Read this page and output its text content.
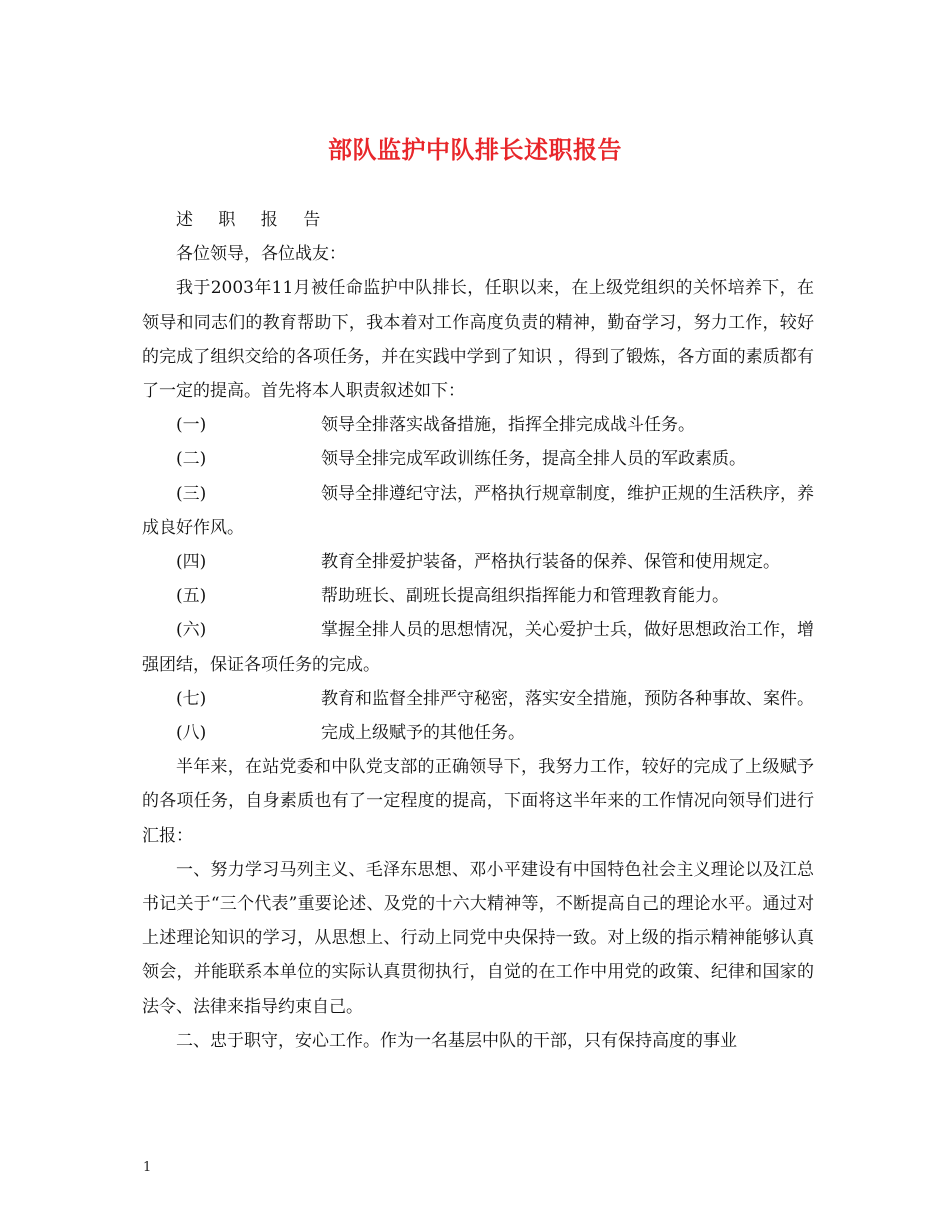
部队监护中队排长述职报告

述 职 报 告

各位领导，各位战友：

我于2003年11月被任命监护中队排长，任职以来，在上级党组织的关怀培养下，在领导和同志们的教育帮助下，我本着对工作高度负责的精神，勤奋学习，努力工作，较好的完成了组织交给的各项任务，并在实践中学到了知识 ，得到了锻炼，各方面的素质都有了一定的提高。首先将本人职责叙述如下：

(一)	领导全排落实战备措施，指挥全排完成战斗任务。

(二)	领导全排完成军政训练任务，提高全排人员的军政素质。

(三)	领导全排遵纪守法，严格执行规章制度，维护正规的生活秩序，养成良好作风。

(四)	教育全排爱护装备，严格执行装备的保养、保管和使用规定。

(五)	帮助班长、副班长提高组织指挥能力和管理教育能力。

(六)	掌握全排人员的思想情况，关心爱护士兵，做好思想政治工作，增强团结，保证各项任务的完成。

(七)	教育和监督全排严守秘密，落实安全措施，预防各种事故、案件。

(八)	完成上级赋予的其他任务。

半年来，在站党委和中队党支部的正确领导下，我努力工作，较好的完成了上级赋予的各项任务，自身素质也有了一定程度的提高，下面将这半年来的工作情况向领导们进行汇报：

一、努力学习马列主义、毛泽东思想、邓小平建设有中国特色社会主义理论以及江总书记关于“三个代表”重要论述、及党的十六大精神等，不断提高自己的理论水平。通过对上述理论知识的学习，从思想上、行动上同党中央保持一致。对上级的指示精神能够认真领会，并能联系本单位的实际认真贯彻执行，自觉的在工作中用党的政策、纪律和国家的法令、法律来指导约束自己。

二、忠于职守，安心工作。作为一名基层中队的干部，只有保持高度的事业

1
